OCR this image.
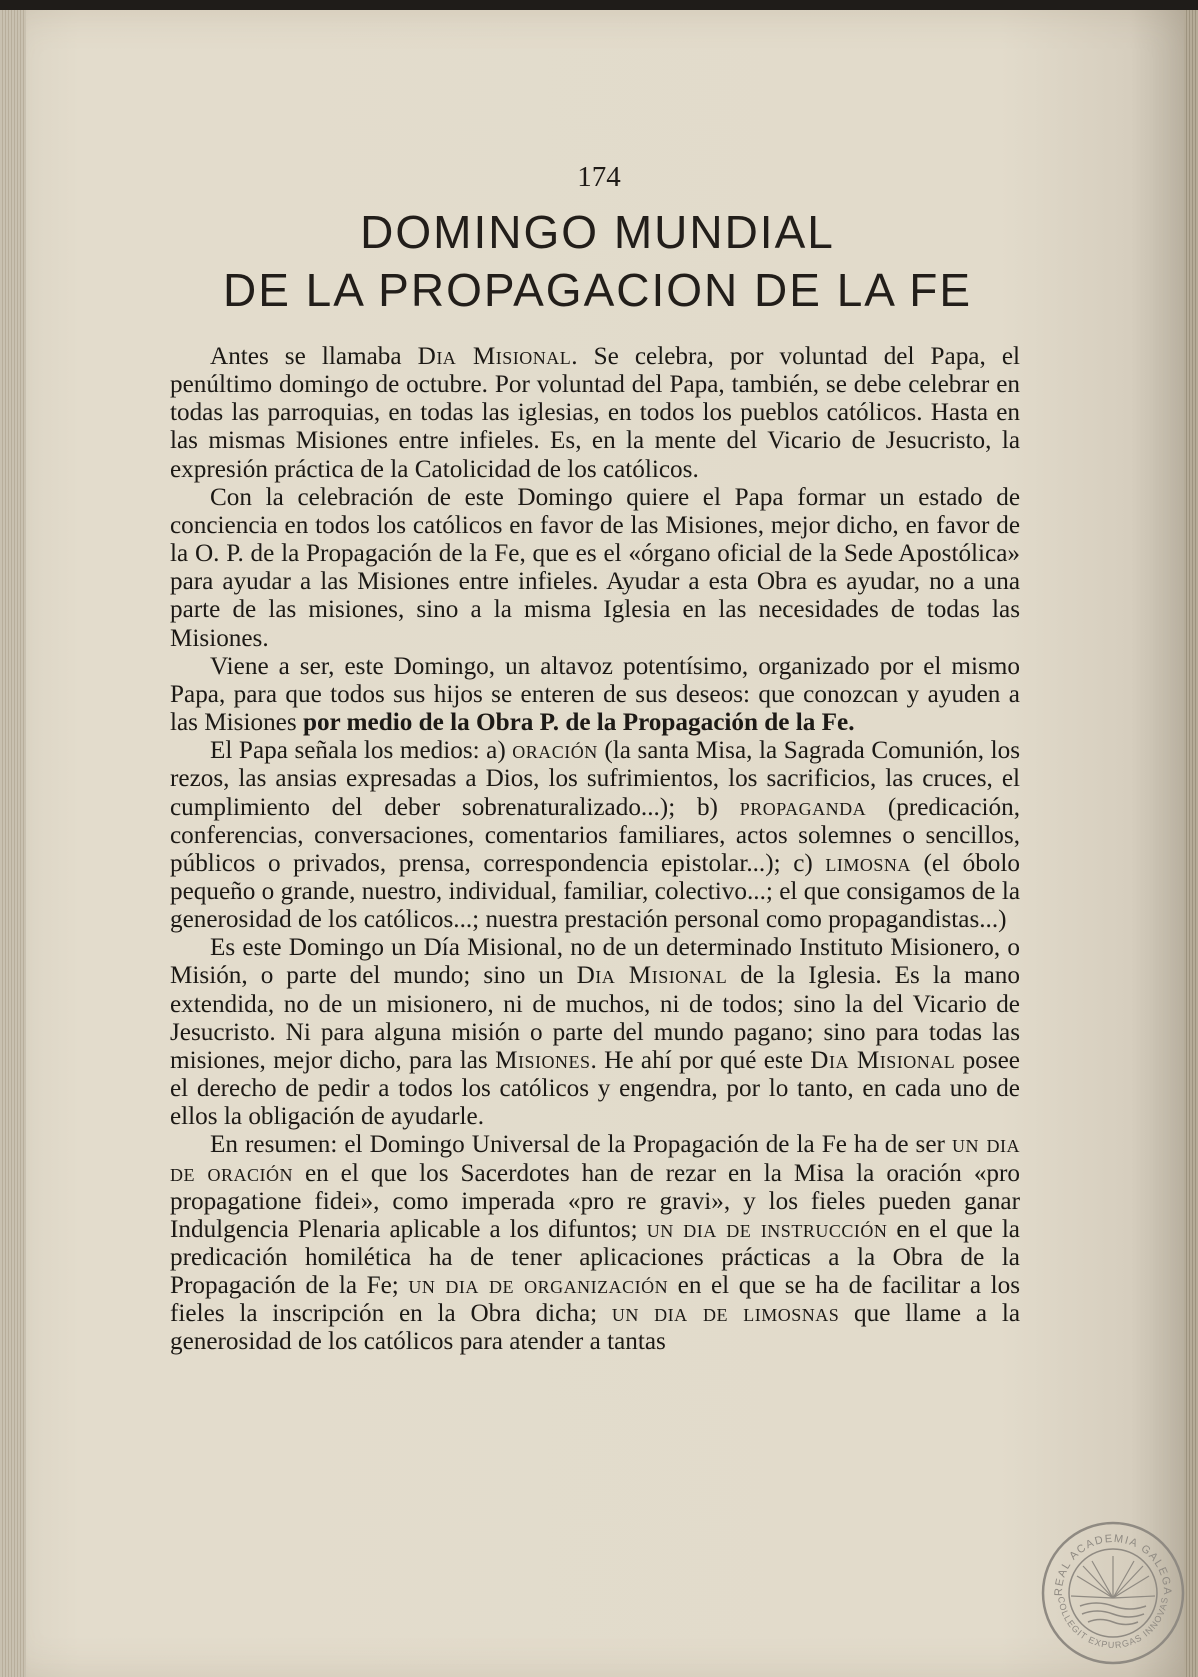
174
DOMINGO MUNDIAL
DE LA PROPAGACION DE LA FE

Antes se llamaba Dia Misional. Se celebra, por voluntad del Papa, el penúltimo domingo de octubre. Por voluntad del Papa, también, se debe celebrar en todas las parroquias, en todas las iglesias, en todos los pueblos católicos. Hasta en las mismas Misiones entre infieles. Es, en la mente del Vicario de Jesucristo, la expresión práctica de la Catolicidad de los católicos.

Con la celebración de este Domingo quiere el Papa formar un estado de conciencia en todos los católicos en favor de las Misiones, mejor dicho, en favor de la O. P. de la Propagación de la Fe, que es el «órgano oficial de la Sede Apostólica» para ayudar a las Misiones entre infieles. Ayudar a esta Obra es ayudar, no a una parte de las misiones, sino a la misma Iglesia en las necesidades de todas las Misiones.

Viene a ser, este Domingo, un altavoz potentísimo, organizado por el mismo Papa, para que todos sus hijos se enteren de sus deseos: que conozcan y ayuden a las Misiones por medio de la Obra P. de la Propagación de la Fe.

El Papa señala los medios: a) oración (la santa Misa, la Sagrada Comunión, los rezos, las ansias expresadas a Dios, los sufrimientos, los sacrificios, las cruces, el cumplimiento del deber sobrenaturalizado...); b) propaganda (predicación, conferencias, conversaciones, comentarios familiares, actos solemnes o sencillos, públicos o privados, prensa, correspondencia epistolar...); c) limosna (el óbolo pequeño o grande, nuestro, individual, familiar, colectivo...; el que consigamos de la generosidad de los católicos...; nuestra prestación personal como propagandistas...)

Es este Domingo un Día Misional, no de un determinado Instituto Misionero, o Misión, o parte del mundo; sino un Dia Misional de la Iglesia. Es la mano extendida, no de un misionero, ni de muchos, ni de todos; sino la del Vicario de Jesucristo. Ni para alguna misión o parte del mundo pagano; sino para todas las misiones, mejor dicho, para las Misiones. He ahí por qué este Dia Misional posee el derecho de pedir a todos los católicos y engendra, por lo tanto, en cada uno de ellos la obligación de ayudarle.

En resumen: el Domingo Universal de la Propagación de la Fe ha de ser un dia de oración en el que los Sacerdotes han de rezar en la Misa la oración «pro propagatione fidei», como imperada «pro re gravi», y los fieles pueden ganar Indulgencia Plenaria aplicable a los difuntos; un dia de instrucción en el que la predicación homilética ha de tener aplicaciones prácticas a la Obra de la Propagación de la Fe; un dia de organización en el que se ha de facilitar a los fieles la inscripción en la Obra dicha; un dia de limosnas que llame a la generosidad de los católicos para atender a tantas

REAL ACADEMIA GALEGA
COLLEGIT EXPURGAS INNOVAS
